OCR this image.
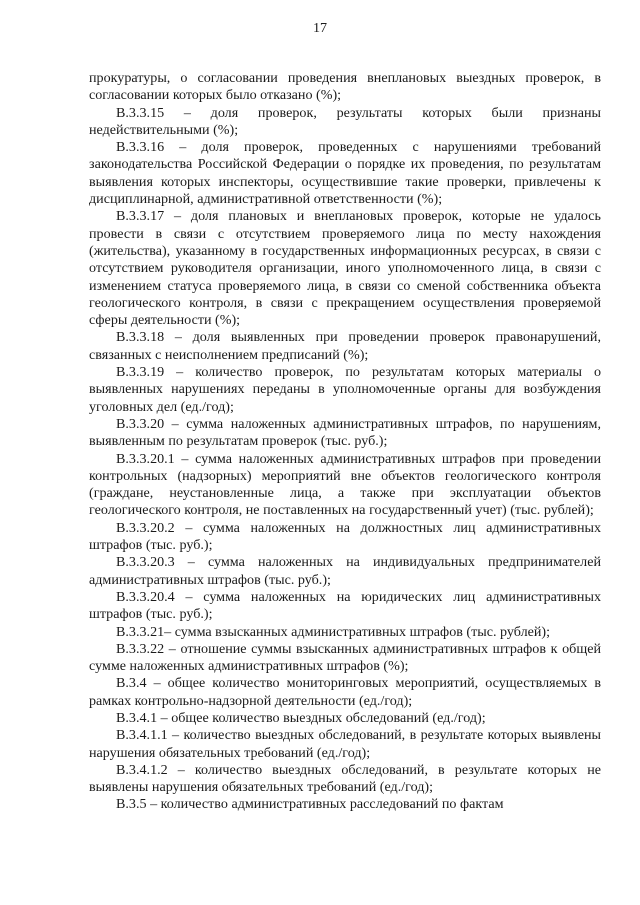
17

прокуратуры, о согласовании проведения внеплановых выездных проверок, в согласовании которых было отказано (%);

B.3.3.15 – доля проверок, результаты которых были признаны недействительными (%);

B.3.3.16 – доля проверок, проведенных с нарушениями требований законодательства Российской Федерации о порядке их проведения, по результатам выявления которых инспекторы, осуществившие такие проверки, привлечены к дисциплинарной, административной ответственности (%);

B.3.3.17 – доля плановых и внеплановых проверок, которые не удалось провести в связи с отсутствием проверяемого лица по месту нахождения (жительства), указанному в государственных информационных ресурсах, в связи с отсутствием руководителя организации, иного уполномоченного лица, в связи с изменением статуса проверяемого лица, в связи со сменой собственника объекта геологического контроля, в связи с прекращением осуществления проверяемой сферы деятельности (%);

B.3.3.18 – доля выявленных при проведении проверок правонарушений, связанных с неисполнением предписаний (%);

B.3.3.19 – количество проверок, по результатам которых материалы о выявленных нарушениях переданы в уполномоченные органы для возбуждения уголовных дел (ед./год);

B.3.3.20 – сумма наложенных административных штрафов, по нарушениям, выявленным по результатам проверок (тыс. руб.);

B.3.3.20.1 – сумма наложенных административных штрафов при проведении контрольных (надзорных) мероприятий вне объектов геологического контроля (граждане, неустановленные лица, а также при эксплуатации объектов геологического контроля, не поставленных на государственный учет) (тыс. рублей);

B.3.3.20.2 – сумма наложенных на должностных лиц административных штрафов (тыс. руб.);

B.3.3.20.3 – сумма наложенных на индивидуальных предпринимателей административных штрафов (тыс. руб.);

B.3.3.20.4 – сумма наложенных на юридических лиц административных штрафов (тыс. руб.);

B.3.3.21– сумма взысканных административных штрафов (тыс. рублей);

B.3.3.22 – отношение суммы взысканных административных штрафов к общей сумме наложенных административных штрафов (%);

B.3.4 – общее количество мониторинговых мероприятий, осуществляемых в рамках контрольно-надзорной деятельности (ед./год);

B.3.4.1 – общее количество выездных обследований (ед./год);

B.3.4.1.1 – количество выездных обследований, в результате которых выявлены нарушения обязательных требований (ед./год);

B.3.4.1.2 – количество выездных обследований, в результате которых не выявлены нарушения обязательных требований (ед./год);

B.3.5 – количество административных расследований по фактам
